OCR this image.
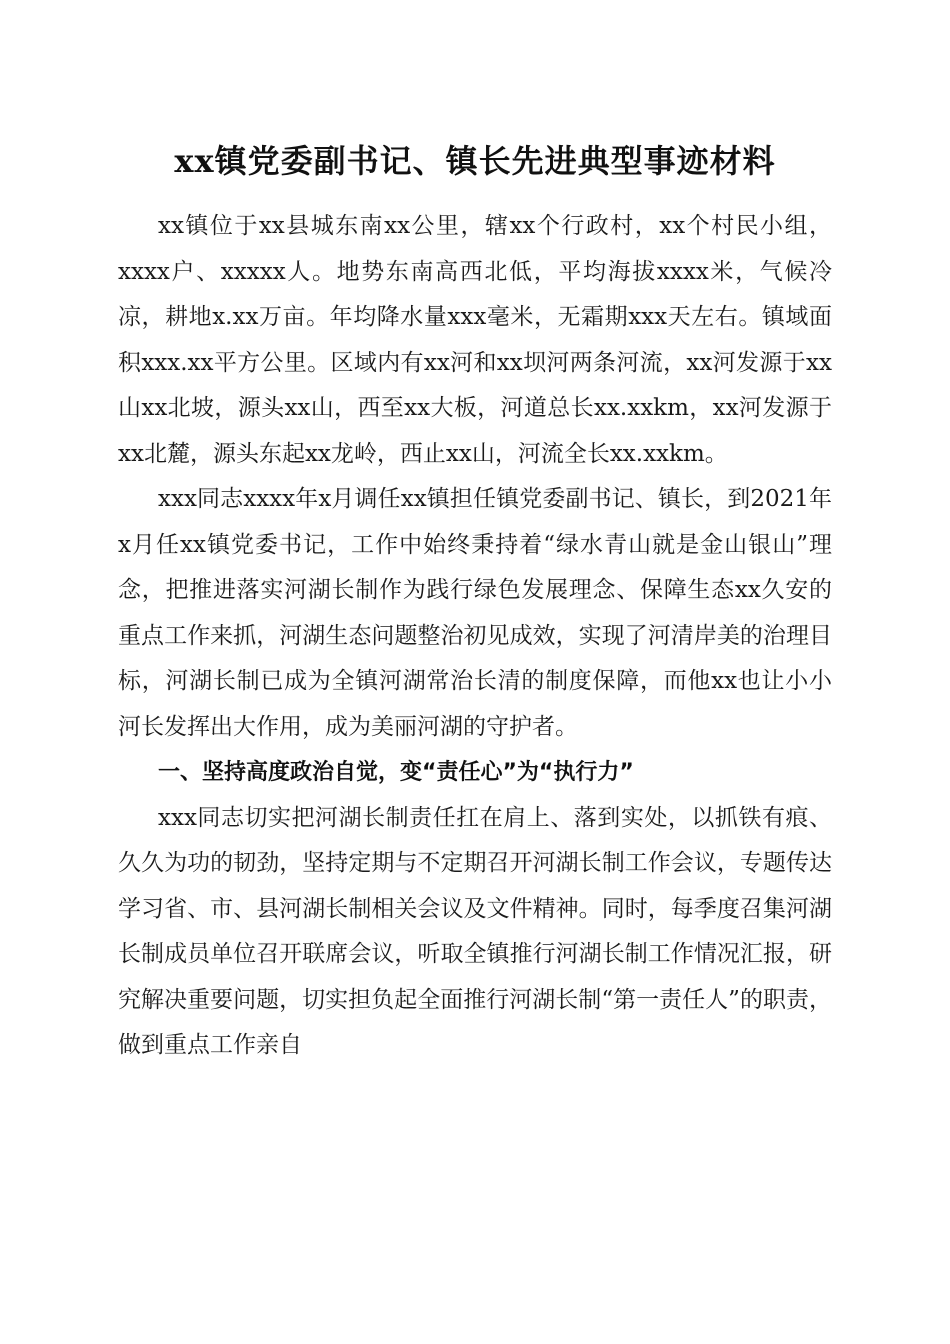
xx镇党委副书记、镇长先进典型事迹材料

xx镇位于xx县城东南xx公里，辖xx个行政村，xx个村民小组，xxxx户、xxxxx人。地势东南高西北低，平均海拔xxxx米，气候冷凉，耕地x.xx万亩。年均降水量xxx毫米，无霜期xxx天左右。镇域面积xxx.xx平方公里。区域内有xx河和xx坝河两条河流，xx河发源于xx山xx北坡，源头xx山，西至xx大板，河道总长xx.xxkm，xx河发源于xx北麓，源头东起xx龙岭，西止xx山，河流全长xx.xxkm。

xxx同志xxxx年x月调任xx镇担任镇党委副书记、镇长，到2021年x月任xx镇党委书记，工作中始终秉持着“绿水青山就是金山银山”理念，把推进落实河湖长制作为践行绿色发展理念、保障生态xx久安的重点工作来抓，河湖生态问题整治初见成效，实现了河清岸美的治理目标，河湖长制已成为全镇河湖常治长清的制度保障，而他xx也让小小河长发挥出大作用，成为美丽河湖的守护者。

一、坚持高度政治自觉，变“责任心”为“执行力”

xxx同志切实把河湖长制责任扛在肩上、落到实处，以抓铁有痕、久久为功的韧劲，坚持定期与不定期召开河湖长制工作会议，专题传达学习省、市、县河湖长制相关会议及文件精神。同时，每季度召集河湖长制成员单位召开联席会议，听取全镇推行河湖长制工作情况汇报，研究解决重要问题，切实担负起全面推行河湖长制“第一责任人”的职责，做到重点工作亲自
